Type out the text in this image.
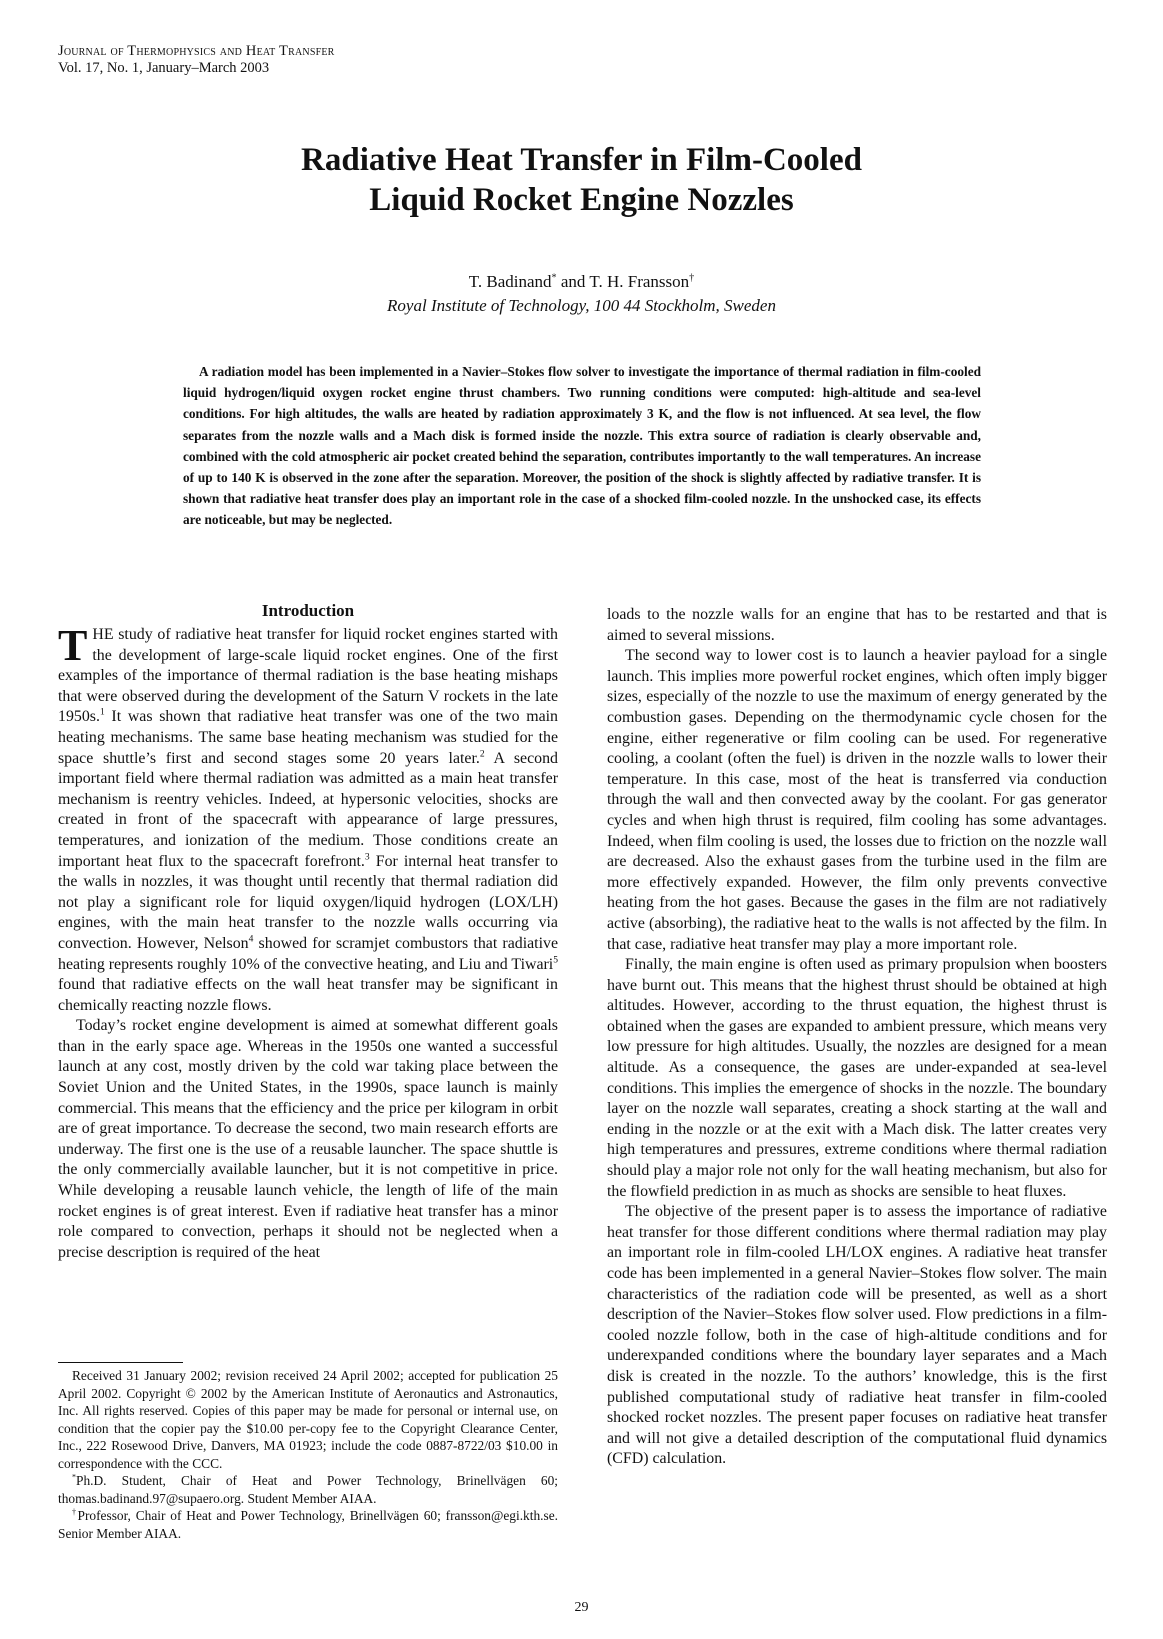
Journal of Thermophysics and Heat Transfer
Vol. 17, No. 1, January–March 2003
Radiative Heat Transfer in Film-Cooled
Liquid Rocket Engine Nozzles
T. Badinand* and T. H. Fransson†
Royal Institute of Technology, 100 44 Stockholm, Sweden

A radiation model has been implemented in a Navier–Stokes flow solver to investigate the importance of thermal radiation in film-cooled liquid hydrogen/liquid oxygen rocket engine thrust chambers. Two running conditions were computed: high-altitude and sea-level conditions. For high altitudes, the walls are heated by radiation approximately 3 K, and the flow is not influenced. At sea level, the flow separates from the nozzle walls and a Mach disk is formed inside the nozzle. This extra source of radiation is clearly observable and, combined with the cold atmospheric air pocket created behind the separation, contributes importantly to the wall temperatures. An increase of up to 140 K is observed in the zone after the separation. Moreover, the position of the shock is slightly affected by radiative transfer. It is shown that radiative heat transfer does play an important role in the case of a shocked film-cooled nozzle. In the unshocked case, its effects are noticeable, but may be neglected.

Introduction

THE study of radiative heat transfer for liquid rocket engines started with the development of large-scale liquid rocket engines. One of the first examples of the importance of thermal radiation is the base heating mishaps that were observed during the development of the Saturn V rockets in the late 1950s.$^1$ It was shown that radiative heat transfer was one of the two main heating mechanisms. The same base heating mechanism was studied for the space shuttle’s first and second stages some 20 years later.$^2$ A second important field where thermal radiation was admitted as a main heat transfer mechanism is reentry vehicles. Indeed, at hypersonic velocities, shocks are created in front of the spacecraft with appearance of large pressures, temperatures, and ionization of the medium. Those conditions create an important heat flux to the spacecraft forefront.$^3$ For internal heat transfer to the walls in nozzles, it was thought until recently that thermal radiation did not play a significant role for liquid oxygen/liquid hydrogen (LOX/LH) engines, with the main heat transfer to the nozzle walls occurring via convection. However, Nelson$^4$ showed for scramjet combustors that radiative heating represents roughly 10% of the convective heating, and Liu and Tiwari$^5$ found that radiative effects on the wall heat transfer may be significant in chemically reacting nozzle flows.

Today’s rocket engine development is aimed at somewhat different goals than in the early space age. Whereas in the 1950s one wanted a successful launch at any cost, mostly driven by the cold war taking place between the Soviet Union and the United States, in the 1990s, space launch is mainly commercial. This means that the efficiency and the price per kilogram in orbit are of great importance. To decrease the second, two main research efforts are underway. The first one is the use of a reusable launcher. The space shuttle is the only commercially available launcher, but it is not competitive in price. While developing a reusable launch vehicle, the length of life of the main rocket engines is of great interest. Even if radiative heat transfer has a minor role compared to convection, perhaps it should not be neglected when a precise description is required of the heat

Received 31 January 2002; revision received 24 April 2002; accepted for publication 25 April 2002. Copyright © 2002 by the American Institute of Aeronautics and Astronautics, Inc. All rights reserved. Copies of this paper may be made for personal or internal use, on condition that the copier pay the $10.00 per-copy fee to the Copyright Clearance Center, Inc., 222 Rosewood Drive, Danvers, MA 01923; include the code 0887-8722/03 $10.00 in correspondence with the CCC.

*Ph.D. Student, Chair of Heat and Power Technology, Brinellvägen 60; thomas.badinand.97@supaero.org. Student Member AIAA.

†Professor, Chair of Heat and Power Technology, Brinellvägen 60; fransson@egi.kth.se. Senior Member AIAA.

loads to the nozzle walls for an engine that has to be restarted and that is aimed to several missions.

The second way to lower cost is to launch a heavier payload for a single launch. This implies more powerful rocket engines, which often imply bigger sizes, especially of the nozzle to use the maximum of energy generated by the combustion gases. Depending on the thermodynamic cycle chosen for the engine, either regenerative or film cooling can be used. For regenerative cooling, a coolant (often the fuel) is driven in the nozzle walls to lower their temperature. In this case, most of the heat is transferred via conduction through the wall and then convected away by the coolant. For gas generator cycles and when high thrust is required, film cooling has some advantages. Indeed, when film cooling is used, the losses due to friction on the nozzle wall are decreased. Also the exhaust gases from the turbine used in the film are more effectively expanded. However, the film only prevents convective heating from the hot gases. Because the gases in the film are not radiatively active (absorbing), the radiative heat to the walls is not affected by the film. In that case, radiative heat transfer may play a more important role.

Finally, the main engine is often used as primary propulsion when boosters have burnt out. This means that the highest thrust should be obtained at high altitudes. However, according to the thrust equation, the highest thrust is obtained when the gases are expanded to ambient pressure, which means very low pressure for high altitudes. Usually, the nozzles are designed for a mean altitude. As a consequence, the gases are under-expanded at sea-level conditions. This implies the emergence of shocks in the nozzle. The boundary layer on the nozzle wall separates, creating a shock starting at the wall and ending in the nozzle or at the exit with a Mach disk. The latter creates very high temperatures and pressures, extreme conditions where thermal radiation should play a major role not only for the wall heating mechanism, but also for the flowfield prediction in as much as shocks are sensible to heat fluxes.

The objective of the present paper is to assess the importance of radiative heat transfer for those different conditions where thermal radiation may play an important role in film-cooled LH/LOX engines. A radiative heat transfer code has been implemented in a general Navier–Stokes flow solver. The main characteristics of the radiation code will be presented, as well as a short description of the Navier–Stokes flow solver used. Flow predictions in a film-cooled nozzle follow, both in the case of high-altitude conditions and for underexpanded conditions where the boundary layer separates and a Mach disk is created in the nozzle. To the authors’ knowledge, this is the first published computational study of radiative heat transfer in film-cooled shocked rocket nozzles. The present paper focuses on radiative heat transfer and will not give a detailed description of the computational fluid dynamics (CFD) calculation.

29
